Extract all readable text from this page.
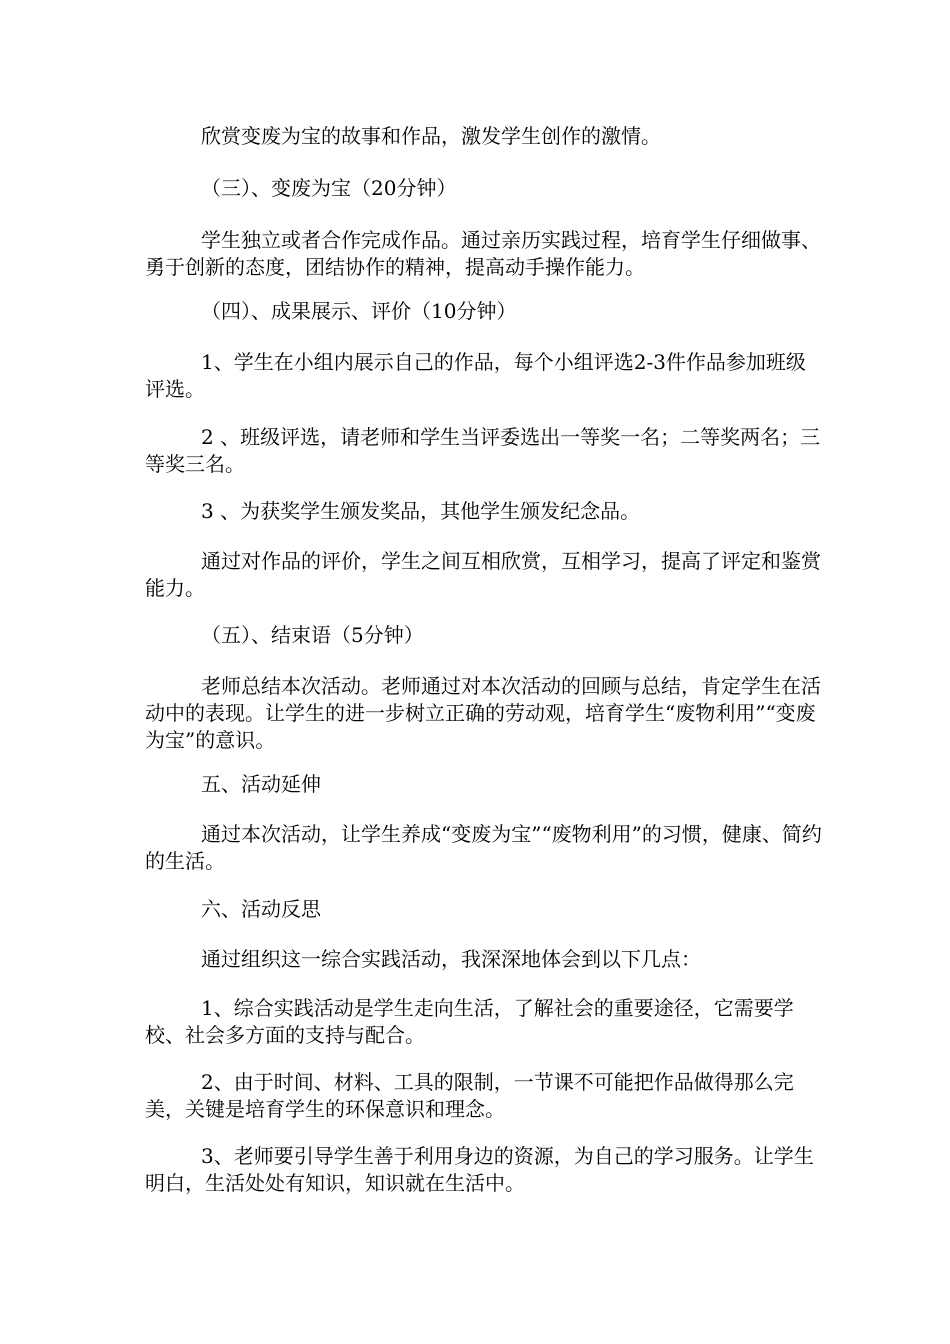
欣赏变废为宝的故事和作品，激发学生创作的激情。

（三）、变废为宝（20分钟）

学生独立或者合作完成作品。通过亲历实践过程，培育学生仔细做事、勇于创新的态度，团结协作的精神，提高动手操作能力。

（四）、成果展示、评价（10分钟）

1、学生在小组内展示自己的作品，每个小组评选2-3件作品参加班级评选。

2 、班级评选，请老师和学生当评委选出一等奖一名；二等奖两名；三等奖三名。

3 、为获奖学生颁发奖品，其他学生颁发纪念品。

通过对作品的评价，学生之间互相欣赏，互相学习，提高了评定和鉴赏能力。

（五）、结束语（5分钟）

老师总结本次活动。老师通过对本次活动的回顾与总结，肯定学生在活动中的表现。让学生的进一步树立正确的劳动观，培育学生“废物利用”“变废为宝”的意识。

五、活动延伸

通过本次活动，让学生养成“变废为宝”“废物利用”的习惯，健康、简约的生活。

六、活动反思

通过组织这一综合实践活动，我深深地体会到以下几点：

1、综合实践活动是学生走向生活，了解社会的重要途径，它需要学校、社会多方面的支持与配合。

2、由于时间、材料、工具的限制，一节课不可能把作品做得那么完美，关键是培育学生的环保意识和理念。

3、老师要引导学生善于利用身边的资源，为自己的学习服务。让学生明白，生活处处有知识，知识就在生活中。
